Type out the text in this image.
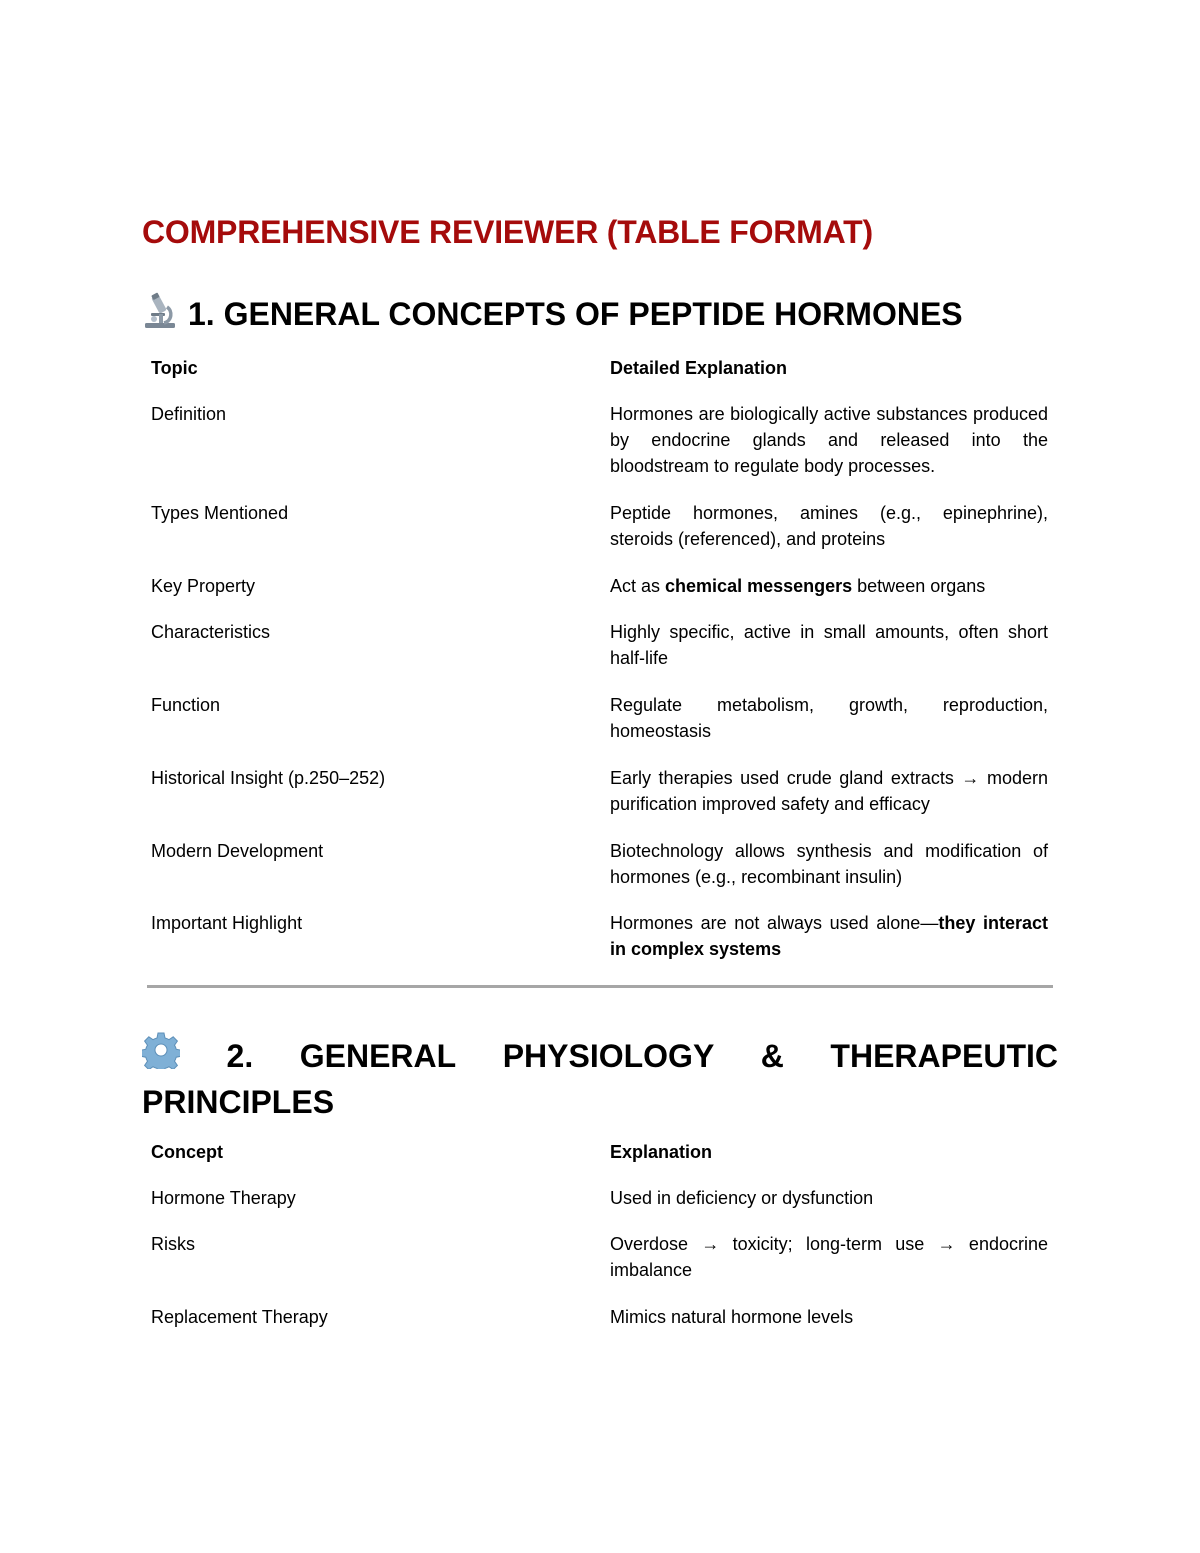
COMPREHENSIVE REVIEWER (TABLE FORMAT)
1. GENERAL CONCEPTS OF PEPTIDE HORMONES
Topic	Detailed Explanation
Definition	Hormones are biologically active substances produced by endocrine glands and released into the bloodstream to regulate body processes.
Types Mentioned	Peptide hormones, amines (e.g., epinephrine), steroids (referenced), and proteins
Key Property	Act as chemical messengers between organs
Characteristics	Highly specific, active in small amounts, often short half-life
Function	Regulate metabolism, growth, reproduction, homeostasis
Historical Insight (p.250–252)	Early therapies used crude gland extracts → modern purification improved safety and efficacy
Modern Development	Biotechnology allows synthesis and modification of hormones (e.g., recombinant insulin)
Important Highlight	Hormones are not always used alone—they interact in complex systems
2. GENERAL PHYSIOLOGY & THERAPEUTIC
PRINCIPLES
Concept	Explanation
Hormone Therapy	Used in deficiency or dysfunction
Risks	Overdose → toxicity; long-term use → endocrine imbalance
Replacement Therapy	Mimics natural hormone levels
